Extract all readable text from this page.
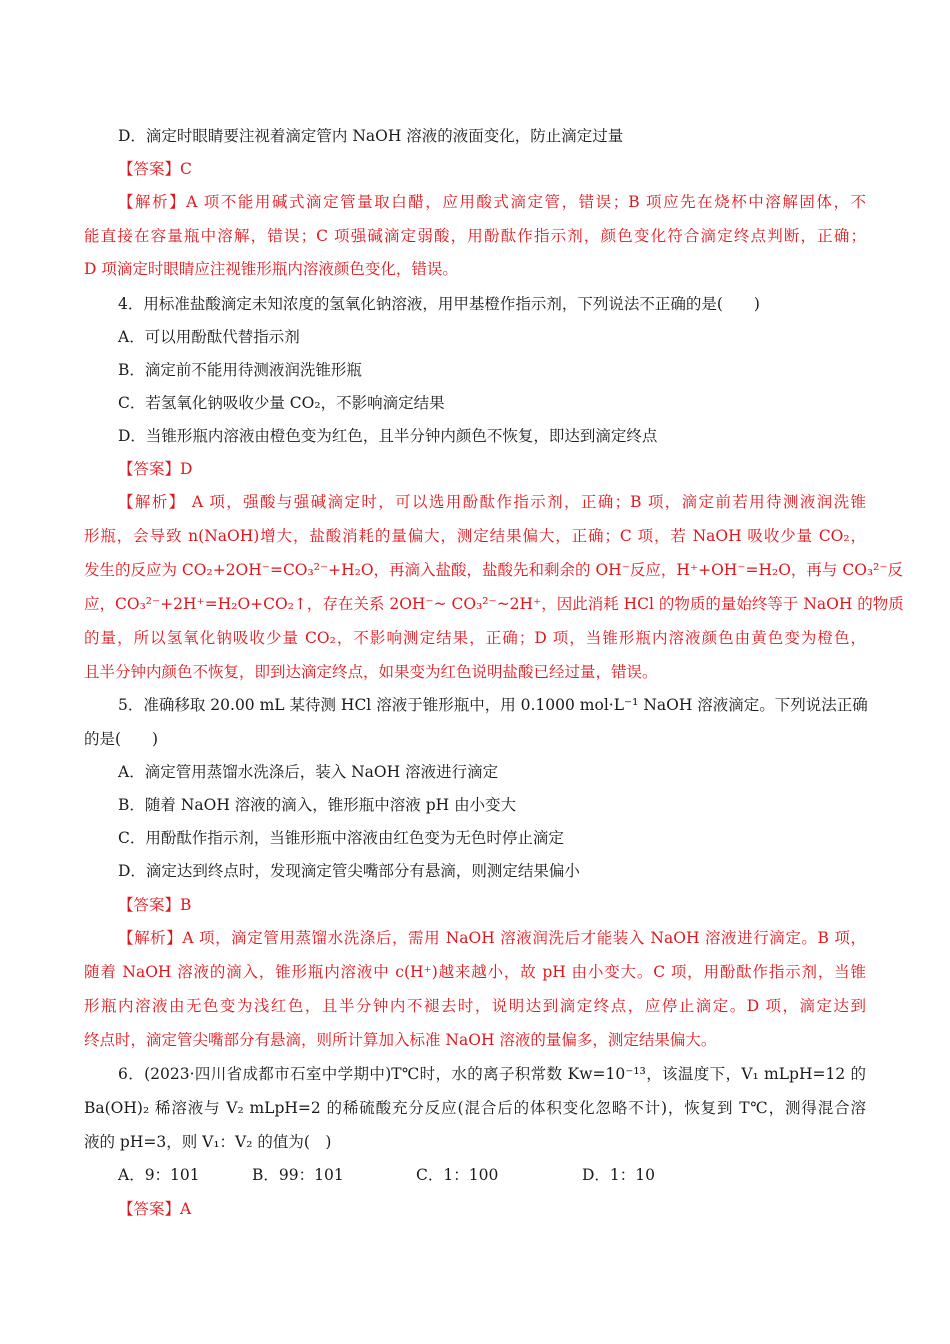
D．滴定时眼睛要注视着滴定管内 NaOH 溶液的液面变化，防止滴定过量
【答案】C
【解析】A 项不能用碱式滴定管量取白醋，应用酸式滴定管，错误；B 项应先在烧杯中溶解固体，不
能直接在容量瓶中溶解，错误；C 项强碱滴定弱酸，用酚酞作指示剂，颜色变化符合滴定终点判断，正确；
D 项滴定时眼睛应注视锥形瓶内溶液颜色变化，错误。
4．用标准盐酸滴定未知浓度的氢氧化钠溶液，用甲基橙作指示剂，下列说法不正确的是(　　)
A．可以用酚酞代替指示剂
B．滴定前不能用待测液润洗锥形瓶
C．若氢氧化钠吸收少量 CO₂，不影响滴定结果
D．当锥形瓶内溶液由橙色变为红色，且半分钟内颜色不恢复，即达到滴定终点
【答案】D
【解析】 A 项，强酸与强碱滴定时，可以选用酚酞作指示剂，正确；B 项，滴定前若用待测液润洗锥
形瓶，会导致 n(NaOH)增大，盐酸消耗的量偏大，测定结果偏大，正确；C 项，若 NaOH 吸收少量 CO₂，
发生的反应为 CO₂+2OH⁻=CO₃²⁻+H₂O，再滴入盐酸，盐酸先和剩余的 OH⁻反应，H⁺+OH⁻=H₂O，再与 CO₃²⁻反
应，CO₃²⁻+2H⁺=H₂O+CO₂↑，存在关系 2OH⁻~ CO₃²⁻~2H⁺，因此消耗 HCl 的物质的量始终等于 NaOH 的物质
的量，所以氢氧化钠吸收少量 CO₂，不影响测定结果，正确；D 项，当锥形瓶内溶液颜色由黄色变为橙色，
且半分钟内颜色不恢复，即到达滴定终点，如果变为红色说明盐酸已经过量，错误。
5．准确移取 20.00 mL 某待测 HCl 溶液于锥形瓶中，用 0.1000 mol·L⁻¹ NaOH 溶液滴定。下列说法正确
的是(　　)
A．滴定管用蒸馏水洗涤后，装入 NaOH 溶液进行滴定
B．随着 NaOH 溶液的滴入，锥形瓶中溶液 pH 由小变大
C．用酚酞作指示剂，当锥形瓶中溶液由红色变为无色时停止滴定
D．滴定达到终点时，发现滴定管尖嘴部分有悬滴，则测定结果偏小
【答案】B
【解析】A 项，滴定管用蒸馏水洗涤后，需用 NaOH 溶液润洗后才能装入 NaOH 溶液进行滴定。B 项，
随着 NaOH 溶液的滴入，锥形瓶内溶液中 c(H⁺)越来越小，故 pH 由小变大。C 项，用酚酞作指示剂，当锥
形瓶内溶液由无色变为浅红色，且半分钟内不褪去时，说明达到滴定终点，应停止滴定。D 项，滴定达到
终点时，滴定管尖嘴部分有悬滴，则所计算加入标准 NaOH 溶液的量偏多，测定结果偏大。
6．(2023·四川省成都市石室中学期中)T℃时，水的离子积常数 Kw=10⁻¹³，该温度下，V₁ mLpH=12 的
Ba(OH)₂ 稀溶液与 V₂ mLpH=2 的稀硫酸充分反应(混合后的体积变化忽略不计)，恢复到 T℃，测得混合溶
液的 pH=3，则 V₁：V₂ 的值为(　)
A．9：101	B．99：101	C．1：100	D．1：10
【答案】A
